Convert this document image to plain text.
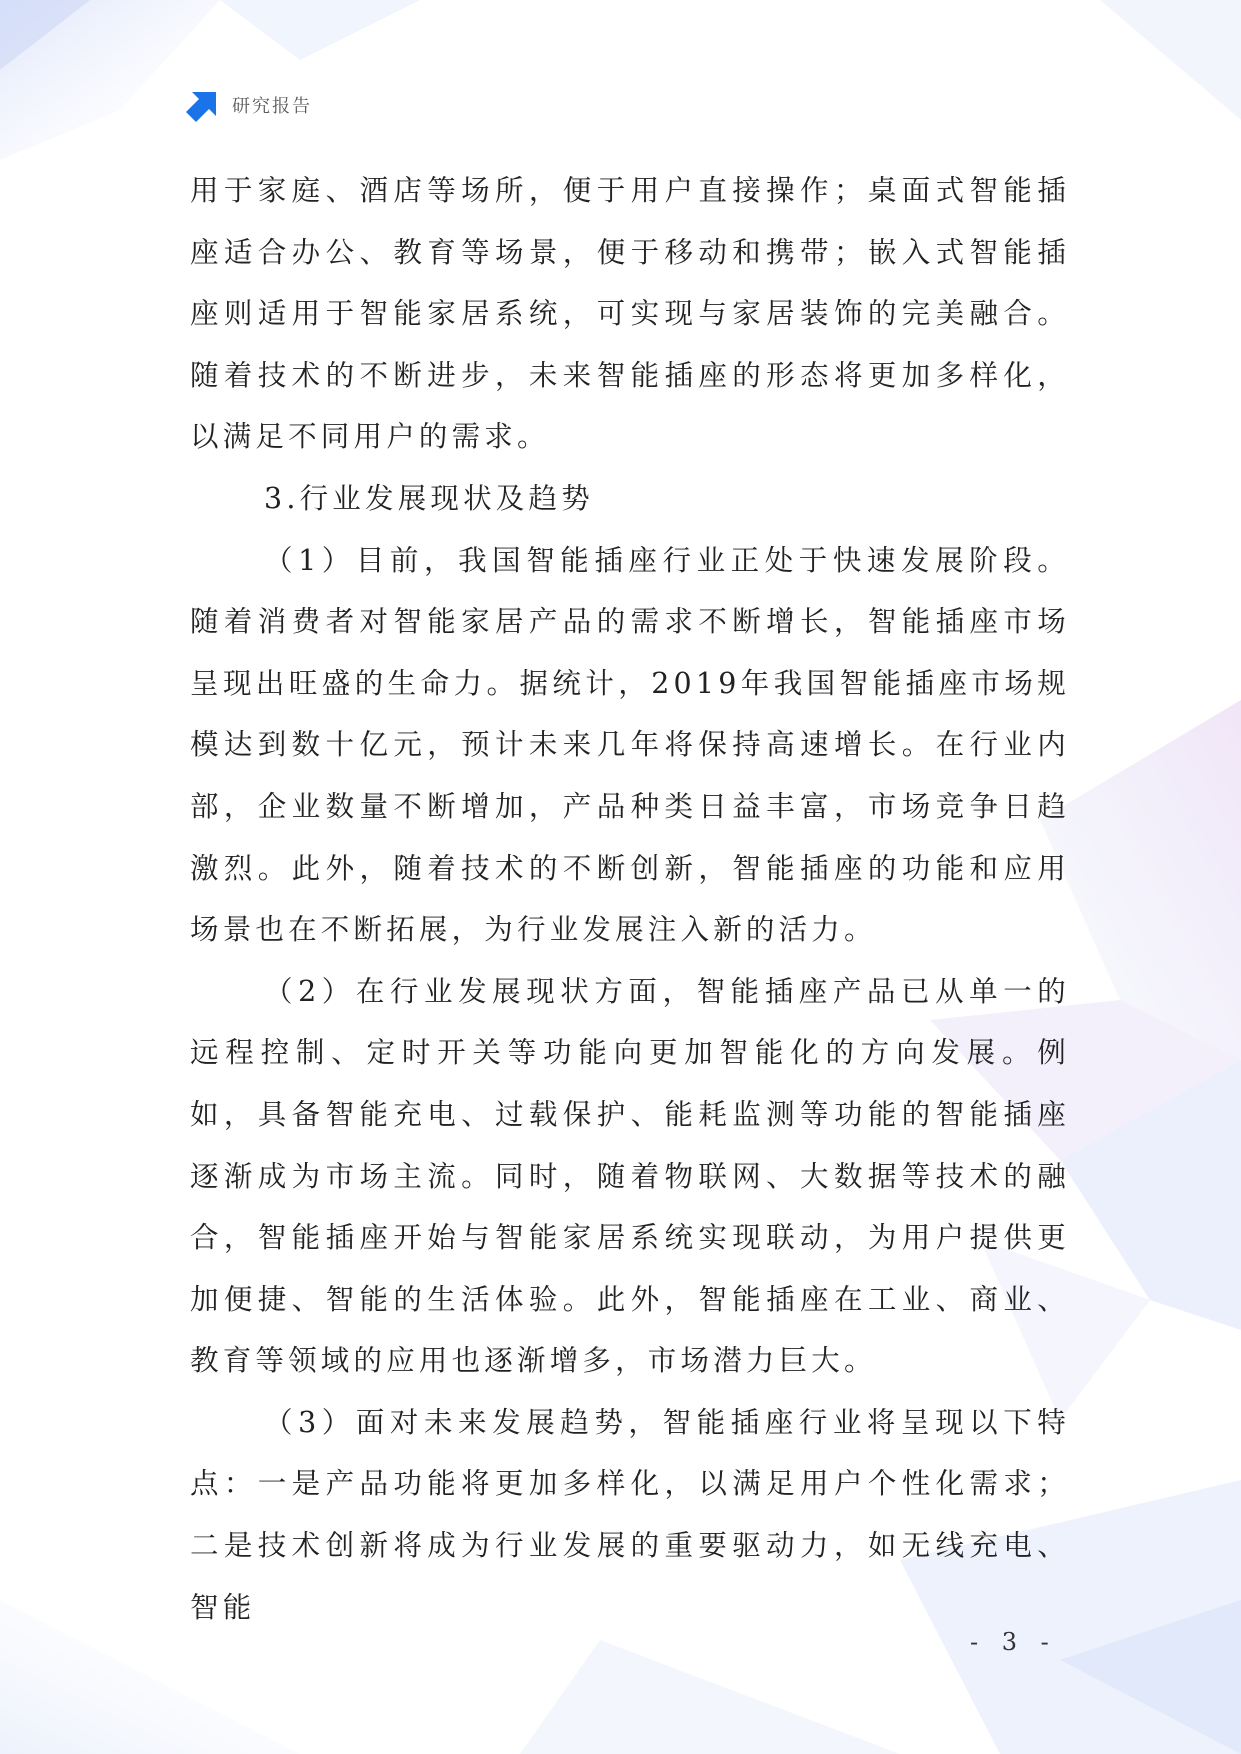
研究报告

用于家庭、酒店等场所，便于用户直接操作；桌面式智能插座适合办公、教育等场景，便于移动和携带；嵌入式智能插座则适用于智能家居系统，可实现与家居装饰的完美融合。随着技术的不断进步，未来智能插座的形态将更加多样化，以满足不同用户的需求。

3.行业发展现状及趋势

（1）目前，我国智能插座行业正处于快速发展阶段。随着消费者对智能家居产品的需求不断增长，智能插座市场呈现出旺盛的生命力。据统计，2019年我国智能插座市场规模达到数十亿元，预计未来几年将保持高速增长。在行业内部，企业数量不断增加，产品种类日益丰富，市场竞争日趋激烈。此外，随着技术的不断创新，智能插座的功能和应用场景也在不断拓展，为行业发展注入新的活力。

（2）在行业发展现状方面，智能插座产品已从单一的远程控制、定时开关等功能向更加智能化的方向发展。例如，具备智能充电、过载保护、能耗监测等功能的智能插座逐渐成为市场主流。同时，随着物联网、大数据等技术的融合，智能插座开始与智能家居系统实现联动，为用户提供更加便捷、智能的生活体验。此外，智能插座在工业、商业、教育等领域的应用也逐渐增多，市场潜力巨大。

（3）面对未来发展趋势，智能插座行业将呈现以下特点：一是产品功能将更加多样化，以满足用户个性化需求；二是技术创新将成为行业发展的重要驱动力，如无线充电、智能

- 3 -
